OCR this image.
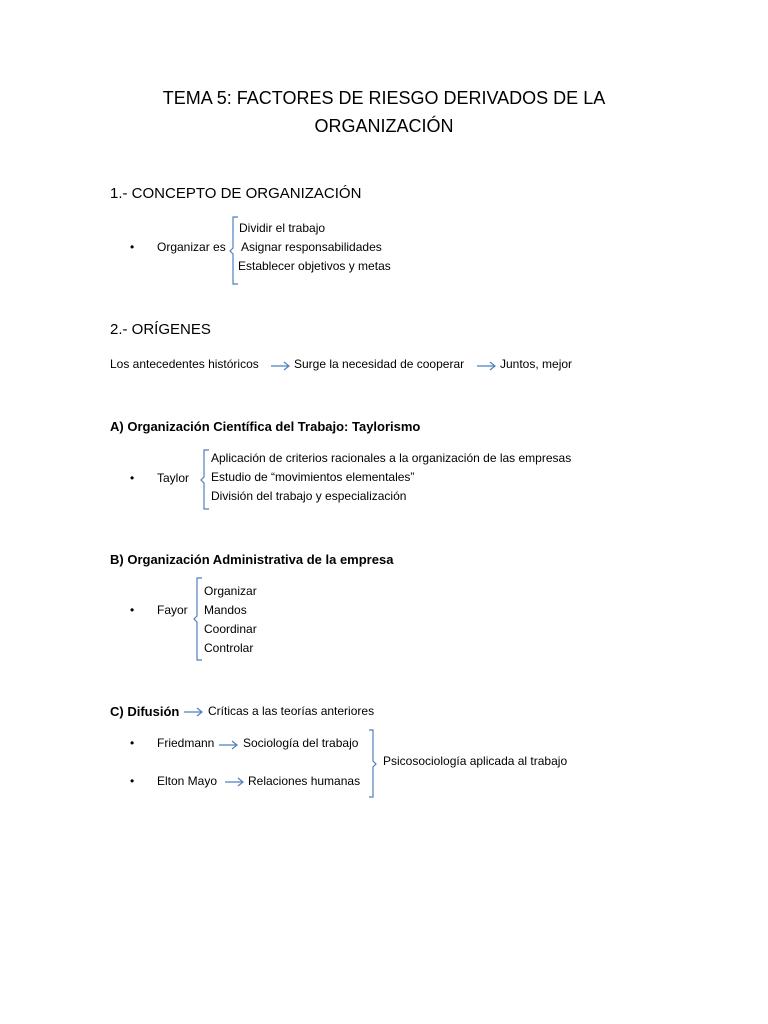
TEMA 5: FACTORES DE RIESGO DERIVADOS DE LA
ORGANIZACIÓN
1.- CONCEPTO DE ORGANIZACIÓN
• Organizar es
Dividir el trabajo
Asignar responsabilidades
Establecer objetivos y metas
2.- ORÍGENES
Los antecedentes históricos	Surge la necesidad de cooperar	Juntos, mejor
A) Organización Científica del Trabajo: Taylorismo
• Taylor
Aplicación de criterios racionales a la organización de las empresas
Estudio de “movimientos elementales”
División del trabajo y especialización
B) Organización Administrativa de la empresa
• Fayor
Organizar
Mandos
Coordinar
Controlar
C) Difusión Críticas a las teorías anteriores
• Friedmann Sociología del trabajo
• Elton Mayo	Relaciones humanas
Psicosociología aplicada al trabajo
